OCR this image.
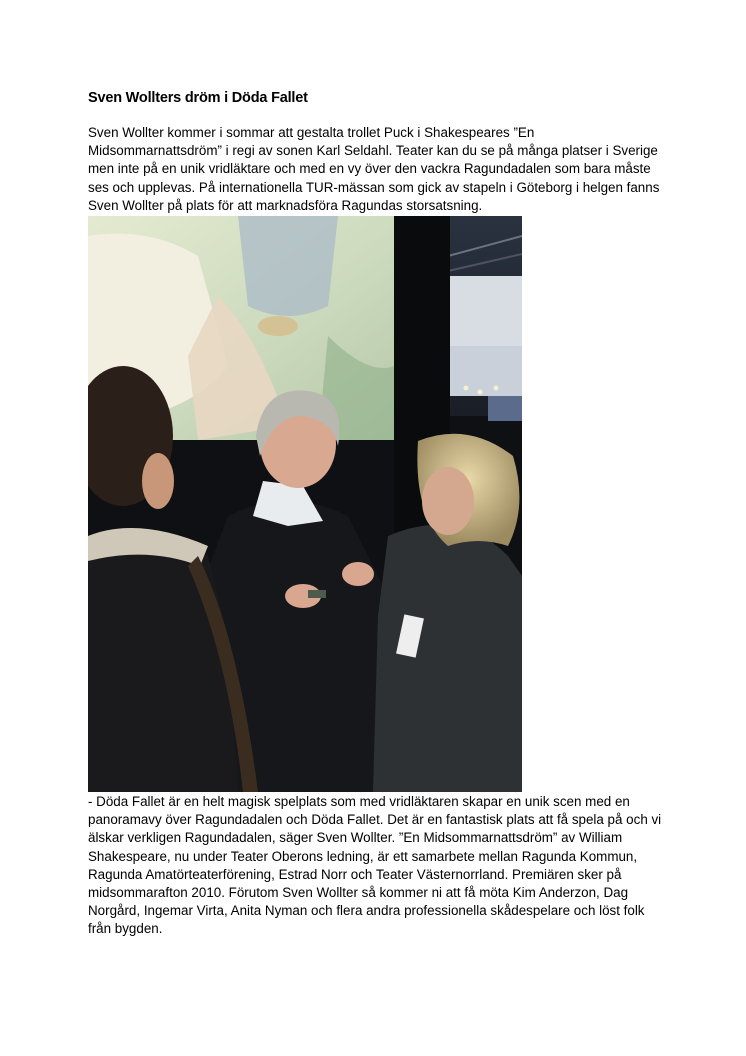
Sven Wollters dröm i Döda Fallet

Sven Wollter kommer i sommar att gestalta trollet Puck i Shakespeares ”En Midsommarnattsdröm” i regi av sonen Karl Seldahl. Teater kan du se på många platser i Sverige men inte på en unik vridläktare och med en vy över den vackra Ragundadalen som bara måste ses och upplevas. På internationella TUR-mässan som gick av stapeln i Göteborg i helgen fanns Sven Wollter på plats för att marknadsföra Ragundas storsatsning.

- Döda Fallet är en helt magisk spelplats som med vridläktaren skapar en unik scen med en panoramavy över Ragundadalen och Döda Fallet. Det är en fantastisk plats att få spela på och vi älskar verkligen Ragundadalen, säger Sven Wollter. ”En Midsommarnattsdröm” av William Shakespeare, nu under Teater Oberons ledning, är ett samarbete mellan Ragunda Kommun, Ragunda Amatörteaterförening, Estrad Norr och Teater Västernorrland. Premiären sker på midsommarafton 2010. Förutom Sven Wollter så kommer ni att få möta Kim Anderzon, Dag Norgård, Ingemar Virta, Anita Nyman och flera andra professionella skådespelare och löst folk från bygden.
